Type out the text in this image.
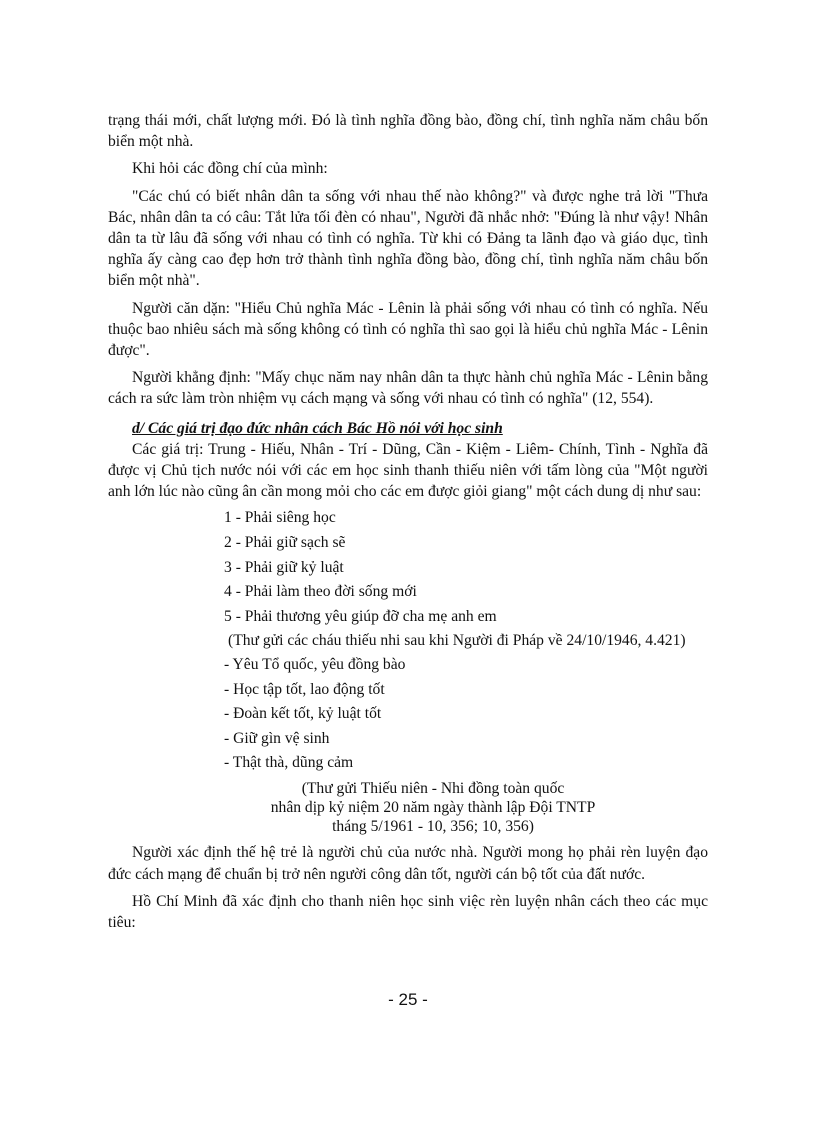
trạng thái mới, chất lượng mới. Đó là tình nghĩa đồng bào, đồng chí, tình nghĩa năm châu bốn biển một nhà.

Khi hỏi các đồng chí của mình:

"Các chú có biết nhân dân ta sống với nhau thế nào không?" và được nghe trả lời "Thưa Bác, nhân dân ta có câu: Tắt lửa tối đèn có nhau", Người đã nhắc nhở: "Đúng là như vậy! Nhân dân ta từ lâu đã sống với nhau có tình có nghĩa. Từ khi có Đảng ta lãnh đạo và giáo dục, tình nghĩa ấy càng cao đẹp hơn trở thành tình nghĩa đồng bào, đồng chí, tình nghĩa năm châu bốn biển một nhà".

Người căn dặn: "Hiểu Chủ nghĩa Mác - Lênin là phải sống với nhau có tình có nghĩa. Nếu thuộc bao nhiêu sách mà sống không có tình có nghĩa thì sao gọi là hiểu chủ nghĩa Mác - Lênin được".

Người khẳng định: "Mấy chục năm nay nhân dân ta thực hành chủ nghĩa Mác - Lênin bằng cách ra sức làm tròn nhiệm vụ cách mạng và sống với nhau có tình có nghĩa" (12, 554).

d/ Các giá trị đạo đức nhân cách Bác Hồ nói với học sinh

Các giá trị: Trung - Hiếu, Nhân - Trí - Dũng, Cần - Kiệm - Liêm- Chính, Tình - Nghĩa đã được vị Chủ tịch nước nói với các em học sinh thanh thiếu niên với tấm lòng của "Một người anh lớn lúc nào cũng ân cần mong mỏi cho các em được giỏi giang" một cách dung dị như sau:

1 - Phải siêng học
2 - Phải giữ sạch sẽ
3 - Phải giữ kỷ luật
4 - Phải làm theo đời sống mới
5 - Phải thương yêu giúp đỡ cha mẹ anh em
(Thư gửi các cháu thiếu nhi sau khi Người đi Pháp về 24/10/1946, 4.421)
- Yêu Tổ quốc, yêu đồng bào
- Học tập tốt, lao động tốt
- Đoàn kết tốt, kỷ luật tốt
- Giữ gìn vệ sinh
- Thật thà, dũng cảm
(Thư gửi Thiếu niên - Nhi đồng toàn quốc
nhân dịp kỷ niệm 20 năm ngày thành lập Đội TNTP
tháng 5/1961 - 10, 356; 10, 356)

Người xác định thế hệ trẻ là người chủ của nước nhà. Người mong họ phải rèn luyện đạo đức cách mạng để chuẩn bị trở nên người công dân tốt, người cán bộ tốt của đất nước.

Hồ Chí Minh đã xác định cho thanh niên học sinh việc rèn luyện nhân cách theo các mục tiêu:

- 25 -
